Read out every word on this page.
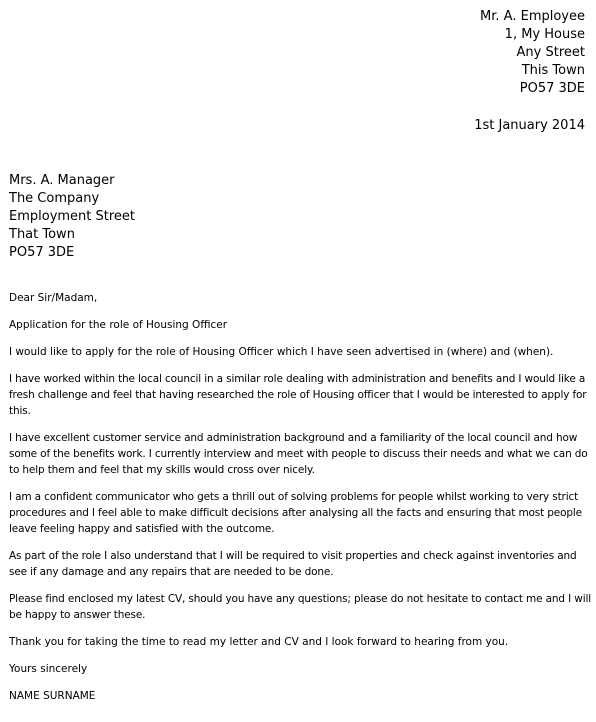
Mr. A. Employee
1, My House
Any Street
This Town
PO57 3DE
1st January 2014
Mrs. A. Manager
The Company
Employment Street
That Town
PO57 3DE

Dear Sir/Madam,

Application for the role of Housing Officer

I would like to apply for the role of Housing Officer which I have seen advertised in (where) and (when).

I have worked within the local council in a similar role dealing with administration and benefits and I would like a fresh challenge and feel that having researched the role of Housing officer that I would be interested to apply for this.

I have excellent customer service and administration background and a familiarity of the local council and how some of the benefits work. I currently interview and meet with people to discuss their needs and what we can do to help them and feel that my skills would cross over nicely.

I am a confident communicator who gets a thrill out of solving problems for people whilst working to very strict procedures and I feel able to make difficult decisions after analysing all the facts and ensuring that most people leave feeling happy and satisfied with the outcome.

As part of the role I also understand that I will be required to visit properties and check against inventories and see if any damage and any repairs that are needed to be done.

Please find enclosed my latest CV, should you have any questions; please do not hesitate to contact me and I will be happy to answer these.

Thank you for taking the time to read my letter and CV and I look forward to hearing from you.

Yours sincerely

NAME SURNAME
